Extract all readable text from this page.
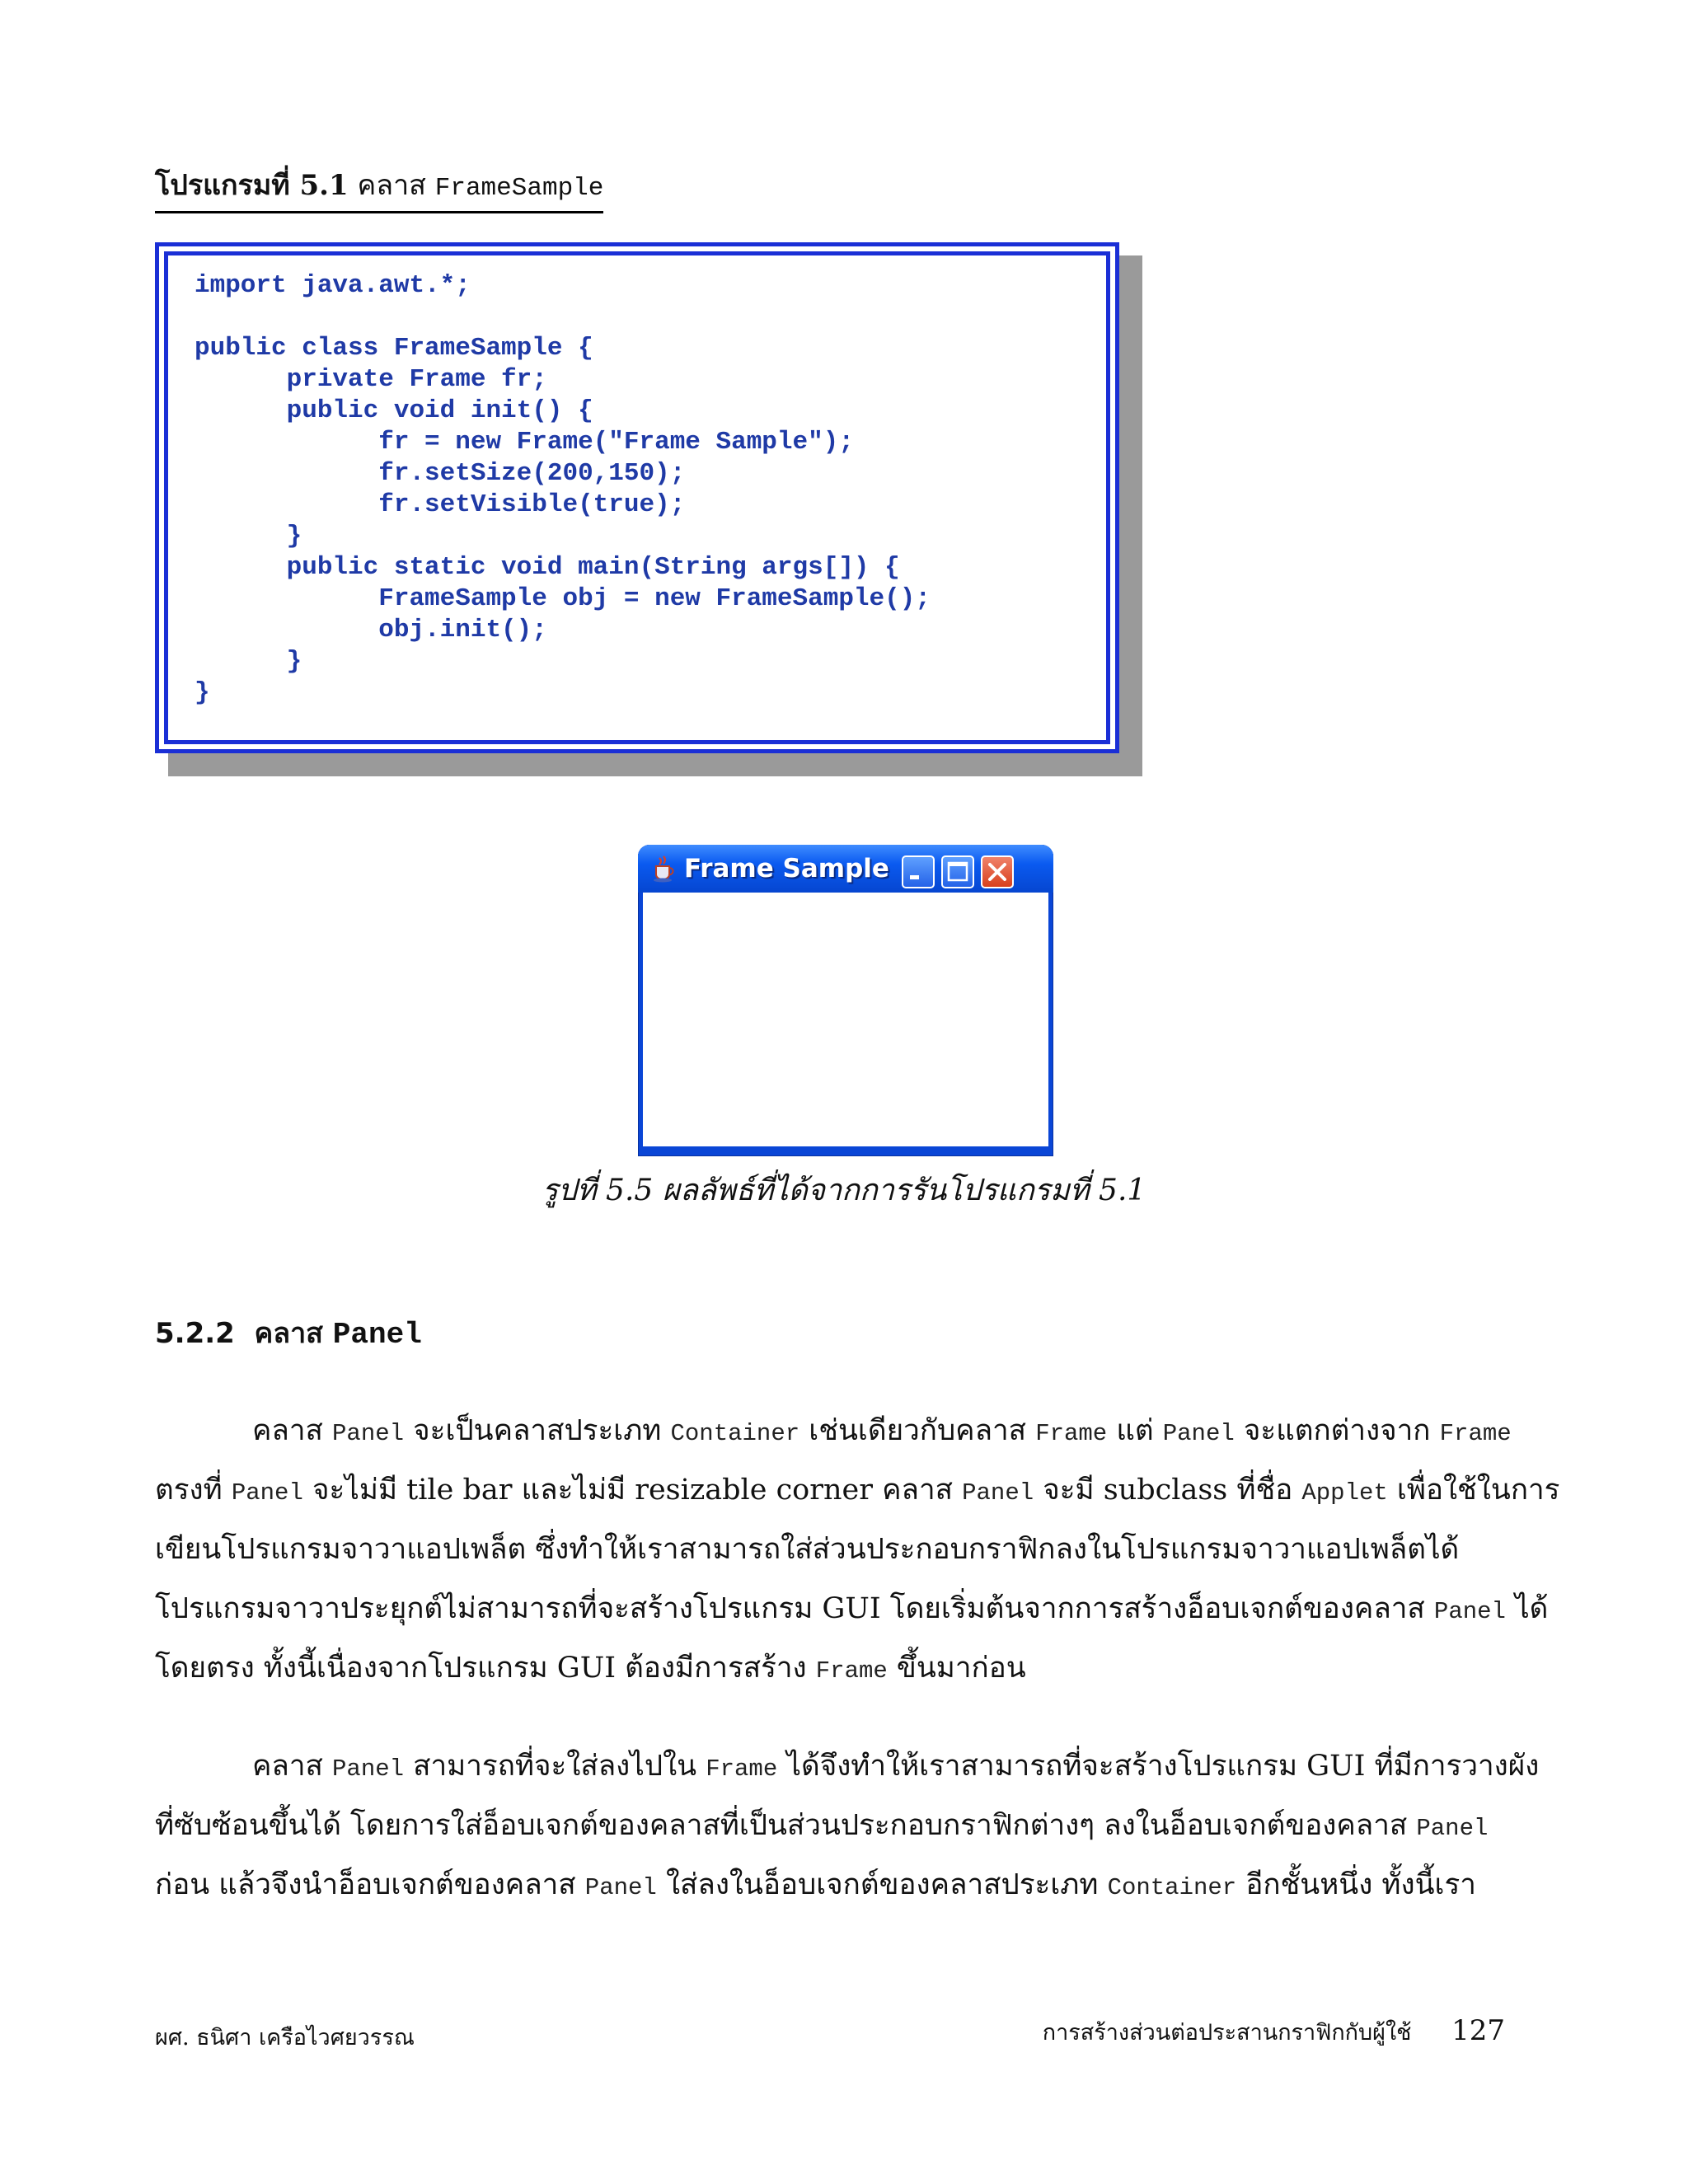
โปรแกรมที่ 5.1 คลาส FrameSample
import java.awt.*;

public class FrameSample {
private Frame fr;
public void init() {
fr = new Frame("Frame Sample");
fr.setSize(200,150);
fr.setVisible(true);
}
public static void main(String args[]) {
FrameSample obj = new FrameSample();
obj.init();
}
}
Frame Sample
รูปที่ 5.5 ผลลัพธ์ที่ได้จากการรันโปรแกรมที่ 5.1
5.2.2 คลาส Panel
คลาส Panel จะเป็นคลาสประเภท Container เช่นเดียวกับคลาส Frame แต่ Panel จะแตกต่างจาก Frame
ตรงที่ Panel จะไม่มี tile bar และไม่มี resizable corner คลาส Panel จะมี subclass ที่ชื่อ Applet เพื่อใช้ในการ
เขียนโปรแกรมจาวาแอปเพล็ต ซึ่งทำให้เราสามารถใส่ส่วนประกอบกราฟิกลงในโปรแกรมจาวาแอปเพล็ตได้
โปรแกรมจาวาประยุกต์ไม่สามารถที่จะสร้างโปรแกรม GUI โดยเริ่มต้นจากการสร้างอ็อบเจกต์ของคลาส Panel ได้
โดยตรง ทั้งนี้เนื่องจากโปรแกรม GUI ต้องมีการสร้าง Frame ขึ้นมาก่อน
คลาส Panel สามารถที่จะใส่ลงไปใน Frame ได้จึงทำให้เราสามารถที่จะสร้างโปรแกรม GUI ที่มีการวางผัง
ที่ซับซ้อนขึ้นได้ โดยการใส่อ็อบเจกต์ของคลาสที่เป็นส่วนประกอบกราฟิกต่างๆ ลงในอ็อบเจกต์ของคลาส Panel
ก่อน แล้วจึงนำอ็อบเจกต์ของคลาส Panel ใส่ลงในอ็อบเจกต์ของคลาสประเภท Container อีกชั้นหนึ่ง ทั้งนี้เรา
ผศ. ธนิศา เครือไวศยวรรณ	การสร้างส่วนต่อประสานกราฟิกกับผู้ใช้ 127
